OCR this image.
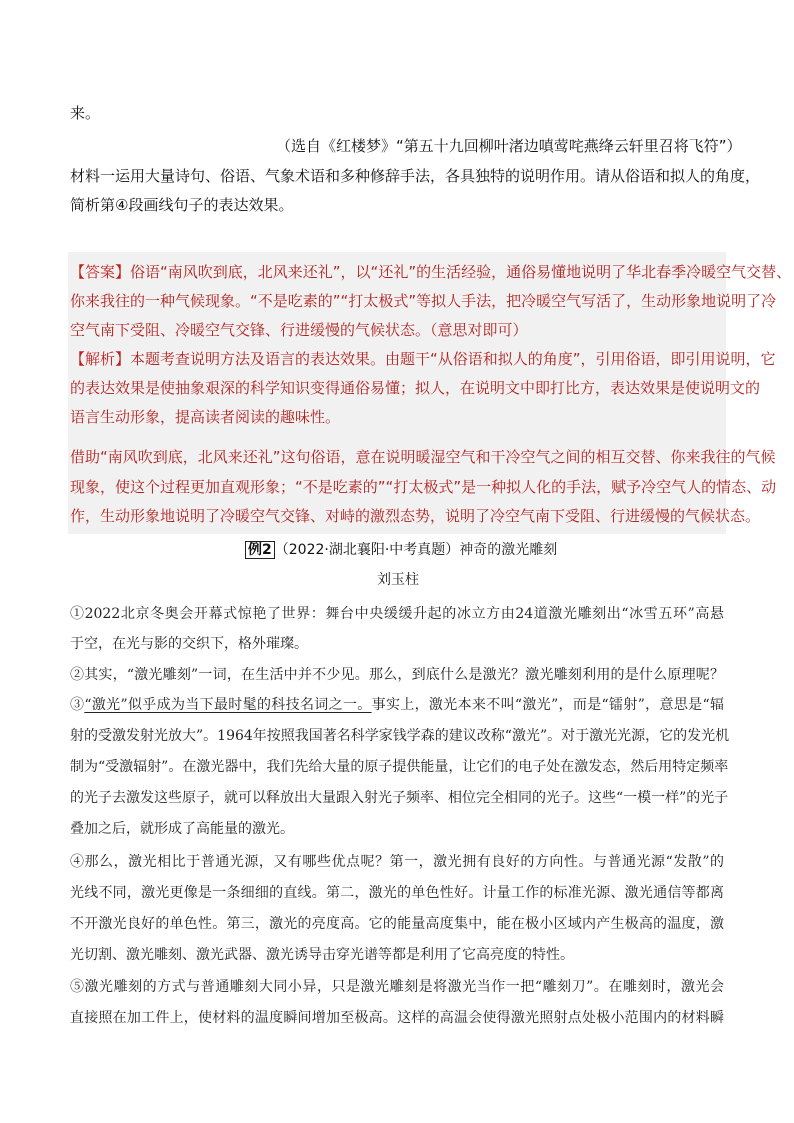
来。
（选自《红楼梦》“第五十九回柳叶渚边嗔莺咤燕绛云轩里召将飞符”）
材料一运用大量诗句、俗语、气象术语和多种修辞手法，各具独特的说明作用。请从俗语和拟人的角度，
简析第④段画线句子的表达效果。
【答案】俗语“南风吹到底，北风来还礼”，以“还礼”的生活经验，通俗易懂地说明了华北春季冷暖空气交替、
你来我往的一种气候现象。“不是吃素的”“打太极式”等拟人手法，把冷暖空气写活了，生动形象地说明了冷
空气南下受阻、冷暖空气交锋、行进缓慢的气候状态。（意思对即可）
【解析】本题考查说明方法及语言的表达效果。由题干“从俗语和拟人的角度”，引用俗语，即引用说明，它
的表达效果是使抽象艰深的科学知识变得通俗易懂；拟人，在说明文中即打比方，表达效果是使说明文的
语言生动形象，提高读者阅读的趣味性。
借助“南风吹到底，北风来还礼”这句俗语，意在说明暖湿空气和干冷空气之间的相互交替、你来我往的气候
现象，使这个过程更加直观形象；“不是吃素的”“打太极式”是一种拟人化的手法，赋予冷空气人的情态、动
作，生动形象地说明了冷暖空气交锋、对峙的激烈态势，说明了冷空气南下受阻、行进缓慢的气候状态。
例2 （2022·湖北襄阳·中考真题）神奇的激光雕刻
刘玉柱
①2022北京冬奥会开幕式惊艳了世界：舞台中央缓缓升起的冰立方由24道激光雕刻出“冰雪五环”高悬
于空，在光与影的交织下，格外璀璨。
②其实，“激光雕刻”一词，在生活中并不少见。那么，到底什么是激光？激光雕刻利用的是什么原理呢？
③“激光”似乎成为当下最时髦的科技名词之一。事实上，激光本来不叫“激光”，而是“镭射”，意思是“辐
射的受激发射光放大”。1964年按照我国著名科学家钱学森的建议改称“激光”。对于激光光源，它的发光机
制为“受激辐射”。在激光器中，我们先给大量的原子提供能量，让它们的电子处在激发态，然后用特定频率
的光子去激发这些原子，就可以释放出大量跟入射光子频率、相位完全相同的光子。这些“一模一样”的光子
叠加之后，就形成了高能量的激光。
④那么，激光相比于普通光源，又有哪些优点呢？第一，激光拥有良好的方向性。与普通光源“发散”的
光线不同，激光更像是一条细细的直线。第二，激光的单色性好。计量工作的标准光源、激光通信等都离
不开激光良好的单色性。第三，激光的亮度高。它的能量高度集中，能在极小区域内产生极高的温度，激
光切割、激光雕刻、激光武器、激光诱导击穿光谱等都是利用了它高亮度的特性。
⑤激光雕刻的方式与普通雕刻大同小异，只是激光雕刻是将激光当作一把“雕刻刀”。在雕刻时，激光会
直接照在加工件上，使材料的温度瞬间增加至极高。这样的高温会使得激光照射点处极小范围内的材料瞬
